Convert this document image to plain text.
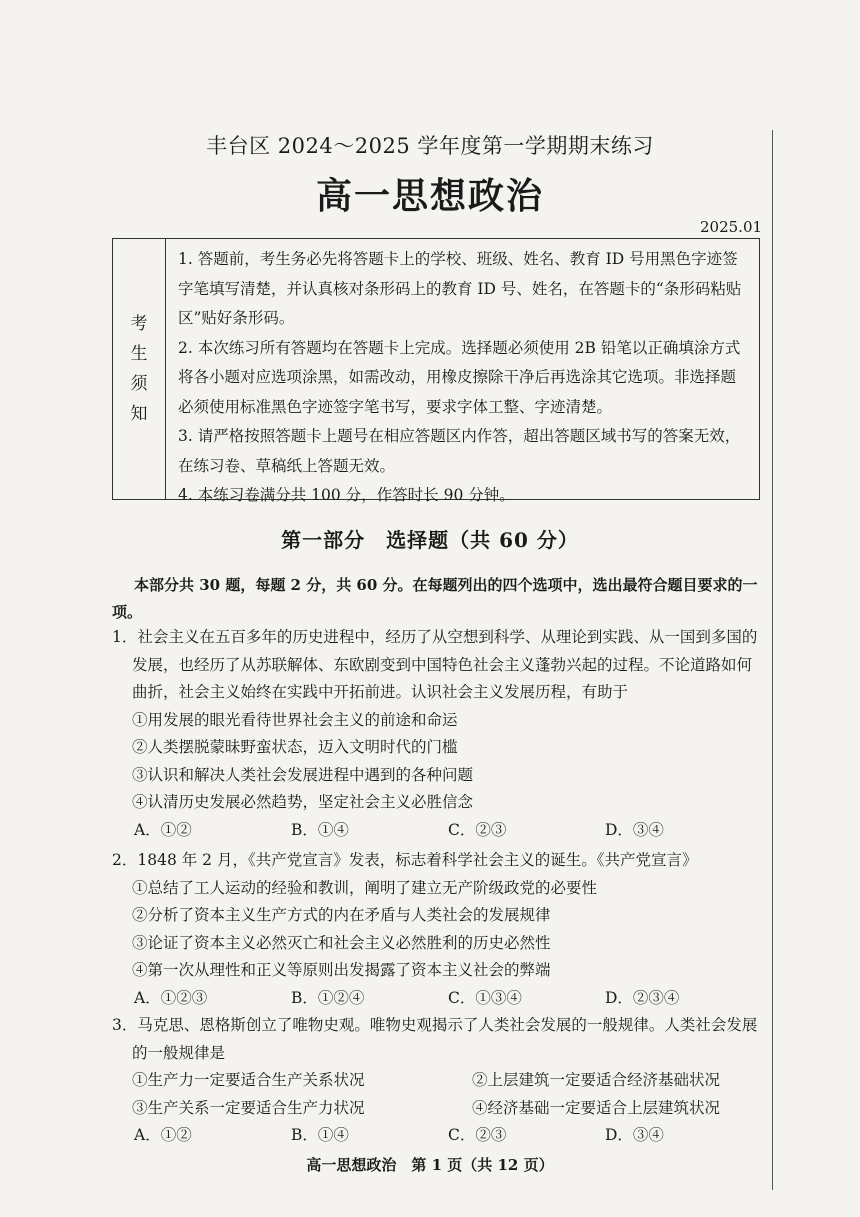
丰台区 2024～2025 学年度第一学期期末练习
高一思想政治
2025.01
考
生
须
知

1. 答题前，考生务必先将答题卡上的学校、班级、姓名、教育 ID 号用黑色字迹签字笔填写清楚，并认真核对条形码上的教育 ID 号、姓名，在答题卡的“条形码粘贴区”贴好条形码。

2. 本次练习所有答题均在答题卡上完成。选择题必须使用 2B 铅笔以正确填涂方式将各小题对应选项涂黑，如需改动，用橡皮擦除干净后再选涂其它选项。非选择题必须使用标准黑色字迹签字笔书写，要求字体工整、字迹清楚。

3. 请严格按照答题卡上题号在相应答题区内作答，超出答题区域书写的答案无效，在练习卷、草稿纸上答题无效。

4. 本练习卷满分共 100 分，作答时长 90 分钟。

第一部分　选择题（共 60 分）
本部分共 30 题，每题 2 分，共 60 分。在每题列出的四个选项中，选出最符合题目要求的一项。

1．社会主义在五百多年的历史进程中，经历了从空想到科学、从理论到实践、从一国到多国的发展，也经历了从苏联解体、东欧剧变到中国特色社会主义蓬勃兴起的过程。不论道路如何曲折，社会主义始终在实践中开拓前进。认识社会主义发展历程，有助于

①用发展的眼光看待世界社会主义的前途和命运

②人类摆脱蒙昧野蛮状态，迈入文明时代的门槛

③认识和解决人类社会发展进程中遇到的各种问题

④认清历史发展必然趋势，坚定社会主义必胜信念

A．①②	B．①④	C．②③	D．③④

2．1848 年 2 月，《共产党宣言》发表，标志着科学社会主义的诞生。《共产党宣言》

①总结了工人运动的经验和教训，阐明了建立无产阶级政党的必要性

②分析了资本主义生产方式的内在矛盾与人类社会的发展规律

③论证了资本主义必然灭亡和社会主义必然胜利的历史必然性

④第一次从理性和正义等原则出发揭露了资本主义社会的弊端

A．①②③	B．①②④	C．①③④	D．②③④

3．马克思、恩格斯创立了唯物史观。唯物史观揭示了人类社会发展的一般规律。人类社会发展的一般规律是

①生产力一定要适合生产关系状况	②上层建筑一定要适合经济基础状况
③生产关系一定要适合生产力状况	④经济基础一定要适合上层建筑状况
A．①②	B．①④	C．②③	D．③④
高一思想政治　第 1 页（共 12 页）
